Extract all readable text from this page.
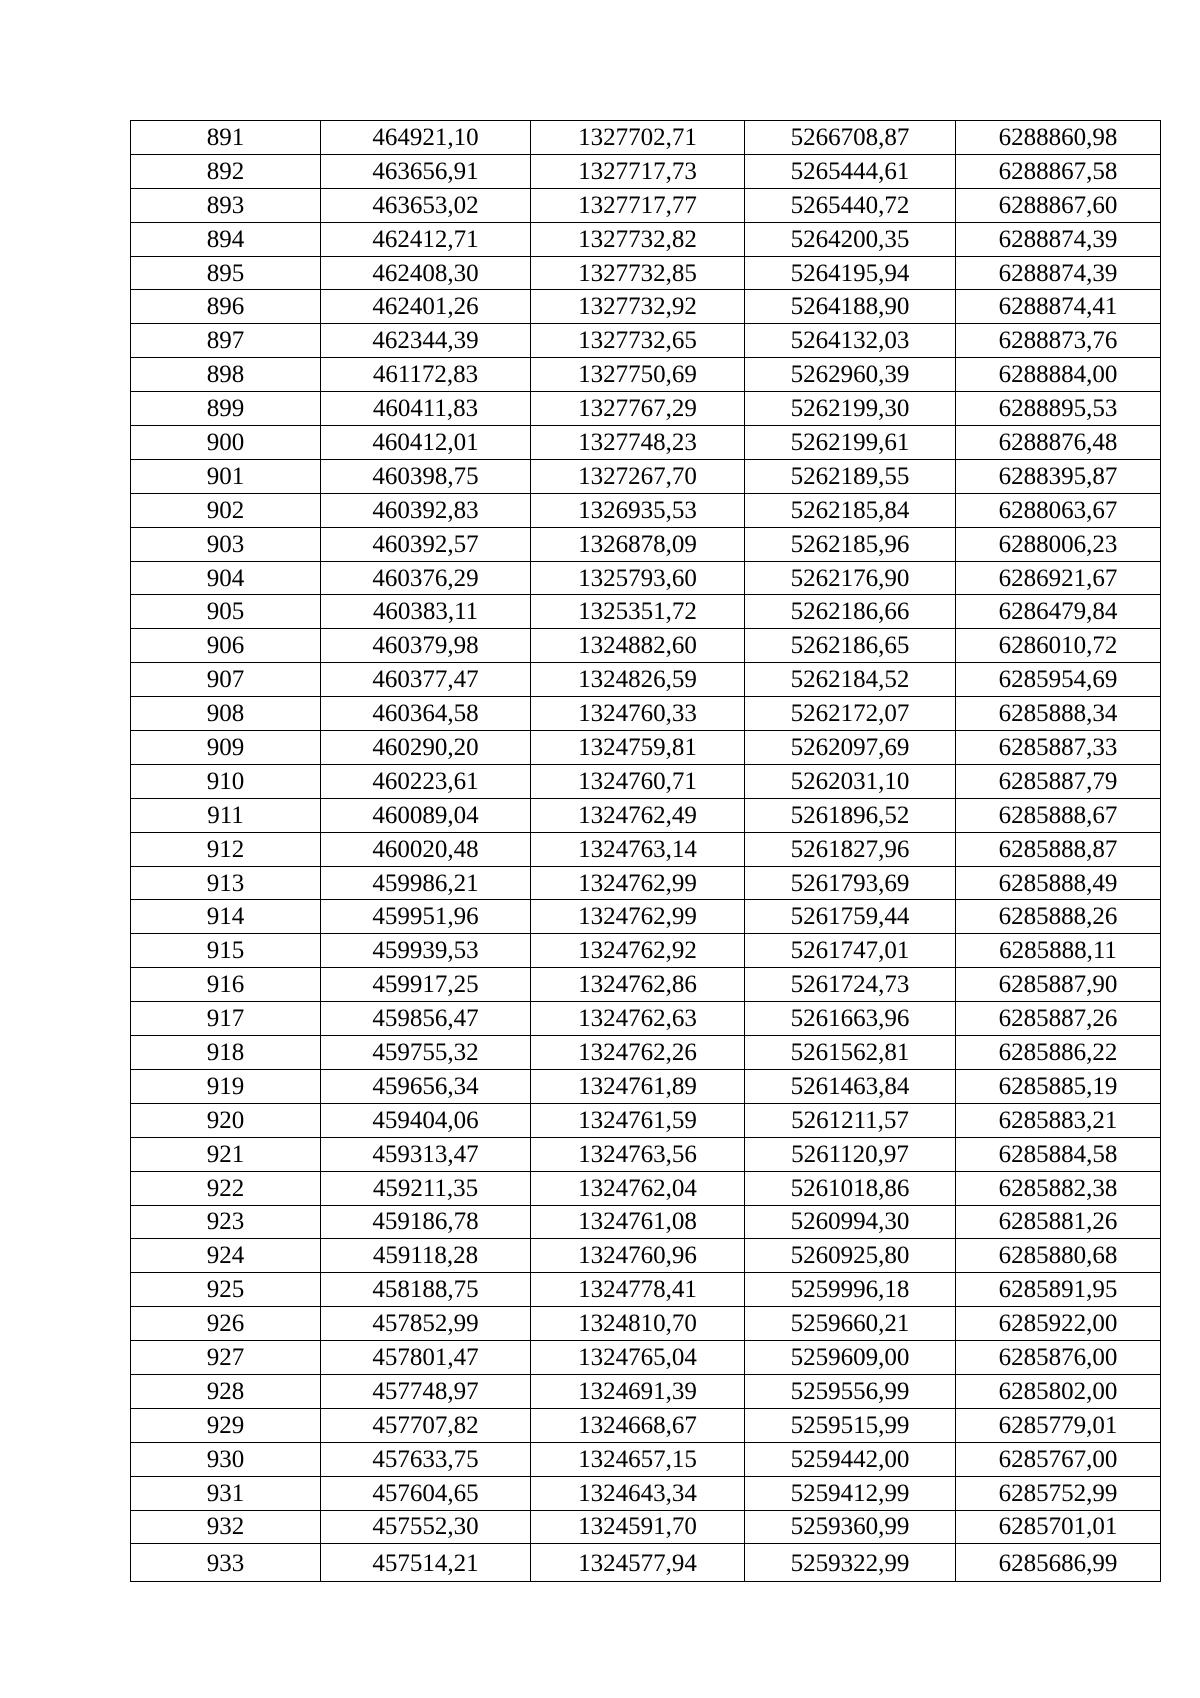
891	464921,10	1327702,71	5266708,87	6288860,98
892	463656,91	1327717,73	5265444,61	6288867,58
893	463653,02	1327717,77	5265440,72	6288867,60
894	462412,71	1327732,82	5264200,35	6288874,39
895	462408,30	1327732,85	5264195,94	6288874,39
896	462401,26	1327732,92	5264188,90	6288874,41
897	462344,39	1327732,65	5264132,03	6288873,76
898	461172,83	1327750,69	5262960,39	6288884,00
899	460411,83	1327767,29	5262199,30	6288895,53
900	460412,01	1327748,23	5262199,61	6288876,48
901	460398,75	1327267,70	5262189,55	6288395,87
902	460392,83	1326935,53	5262185,84	6288063,67
903	460392,57	1326878,09	5262185,96	6288006,23
904	460376,29	1325793,60	5262176,90	6286921,67
905	460383,11	1325351,72	5262186,66	6286479,84
906	460379,98	1324882,60	5262186,65	6286010,72
907	460377,47	1324826,59	5262184,52	6285954,69
908	460364,58	1324760,33	5262172,07	6285888,34
909	460290,20	1324759,81	5262097,69	6285887,33
910	460223,61	1324760,71	5262031,10	6285887,79
911	460089,04	1324762,49	5261896,52	6285888,67
912	460020,48	1324763,14	5261827,96	6285888,87
913	459986,21	1324762,99	5261793,69	6285888,49
914	459951,96	1324762,99	5261759,44	6285888,26
915	459939,53	1324762,92	5261747,01	6285888,11
916	459917,25	1324762,86	5261724,73	6285887,90
917	459856,47	1324762,63	5261663,96	6285887,26
918	459755,32	1324762,26	5261562,81	6285886,22
919	459656,34	1324761,89	5261463,84	6285885,19
920	459404,06	1324761,59	5261211,57	6285883,21
921	459313,47	1324763,56	5261120,97	6285884,58
922	459211,35	1324762,04	5261018,86	6285882,38
923	459186,78	1324761,08	5260994,30	6285881,26
924	459118,28	1324760,96	5260925,80	6285880,68
925	458188,75	1324778,41	5259996,18	6285891,95
926	457852,99	1324810,70	5259660,21	6285922,00
927	457801,47	1324765,04	5259609,00	6285876,00
928	457748,97	1324691,39	5259556,99	6285802,00
929	457707,82	1324668,67	5259515,99	6285779,01
930	457633,75	1324657,15	5259442,00	6285767,00
931	457604,65	1324643,34	5259412,99	6285752,99
932	457552,30	1324591,70	5259360,99	6285701,01
933	457514,21	1324577,94	5259322,99	6285686,99
